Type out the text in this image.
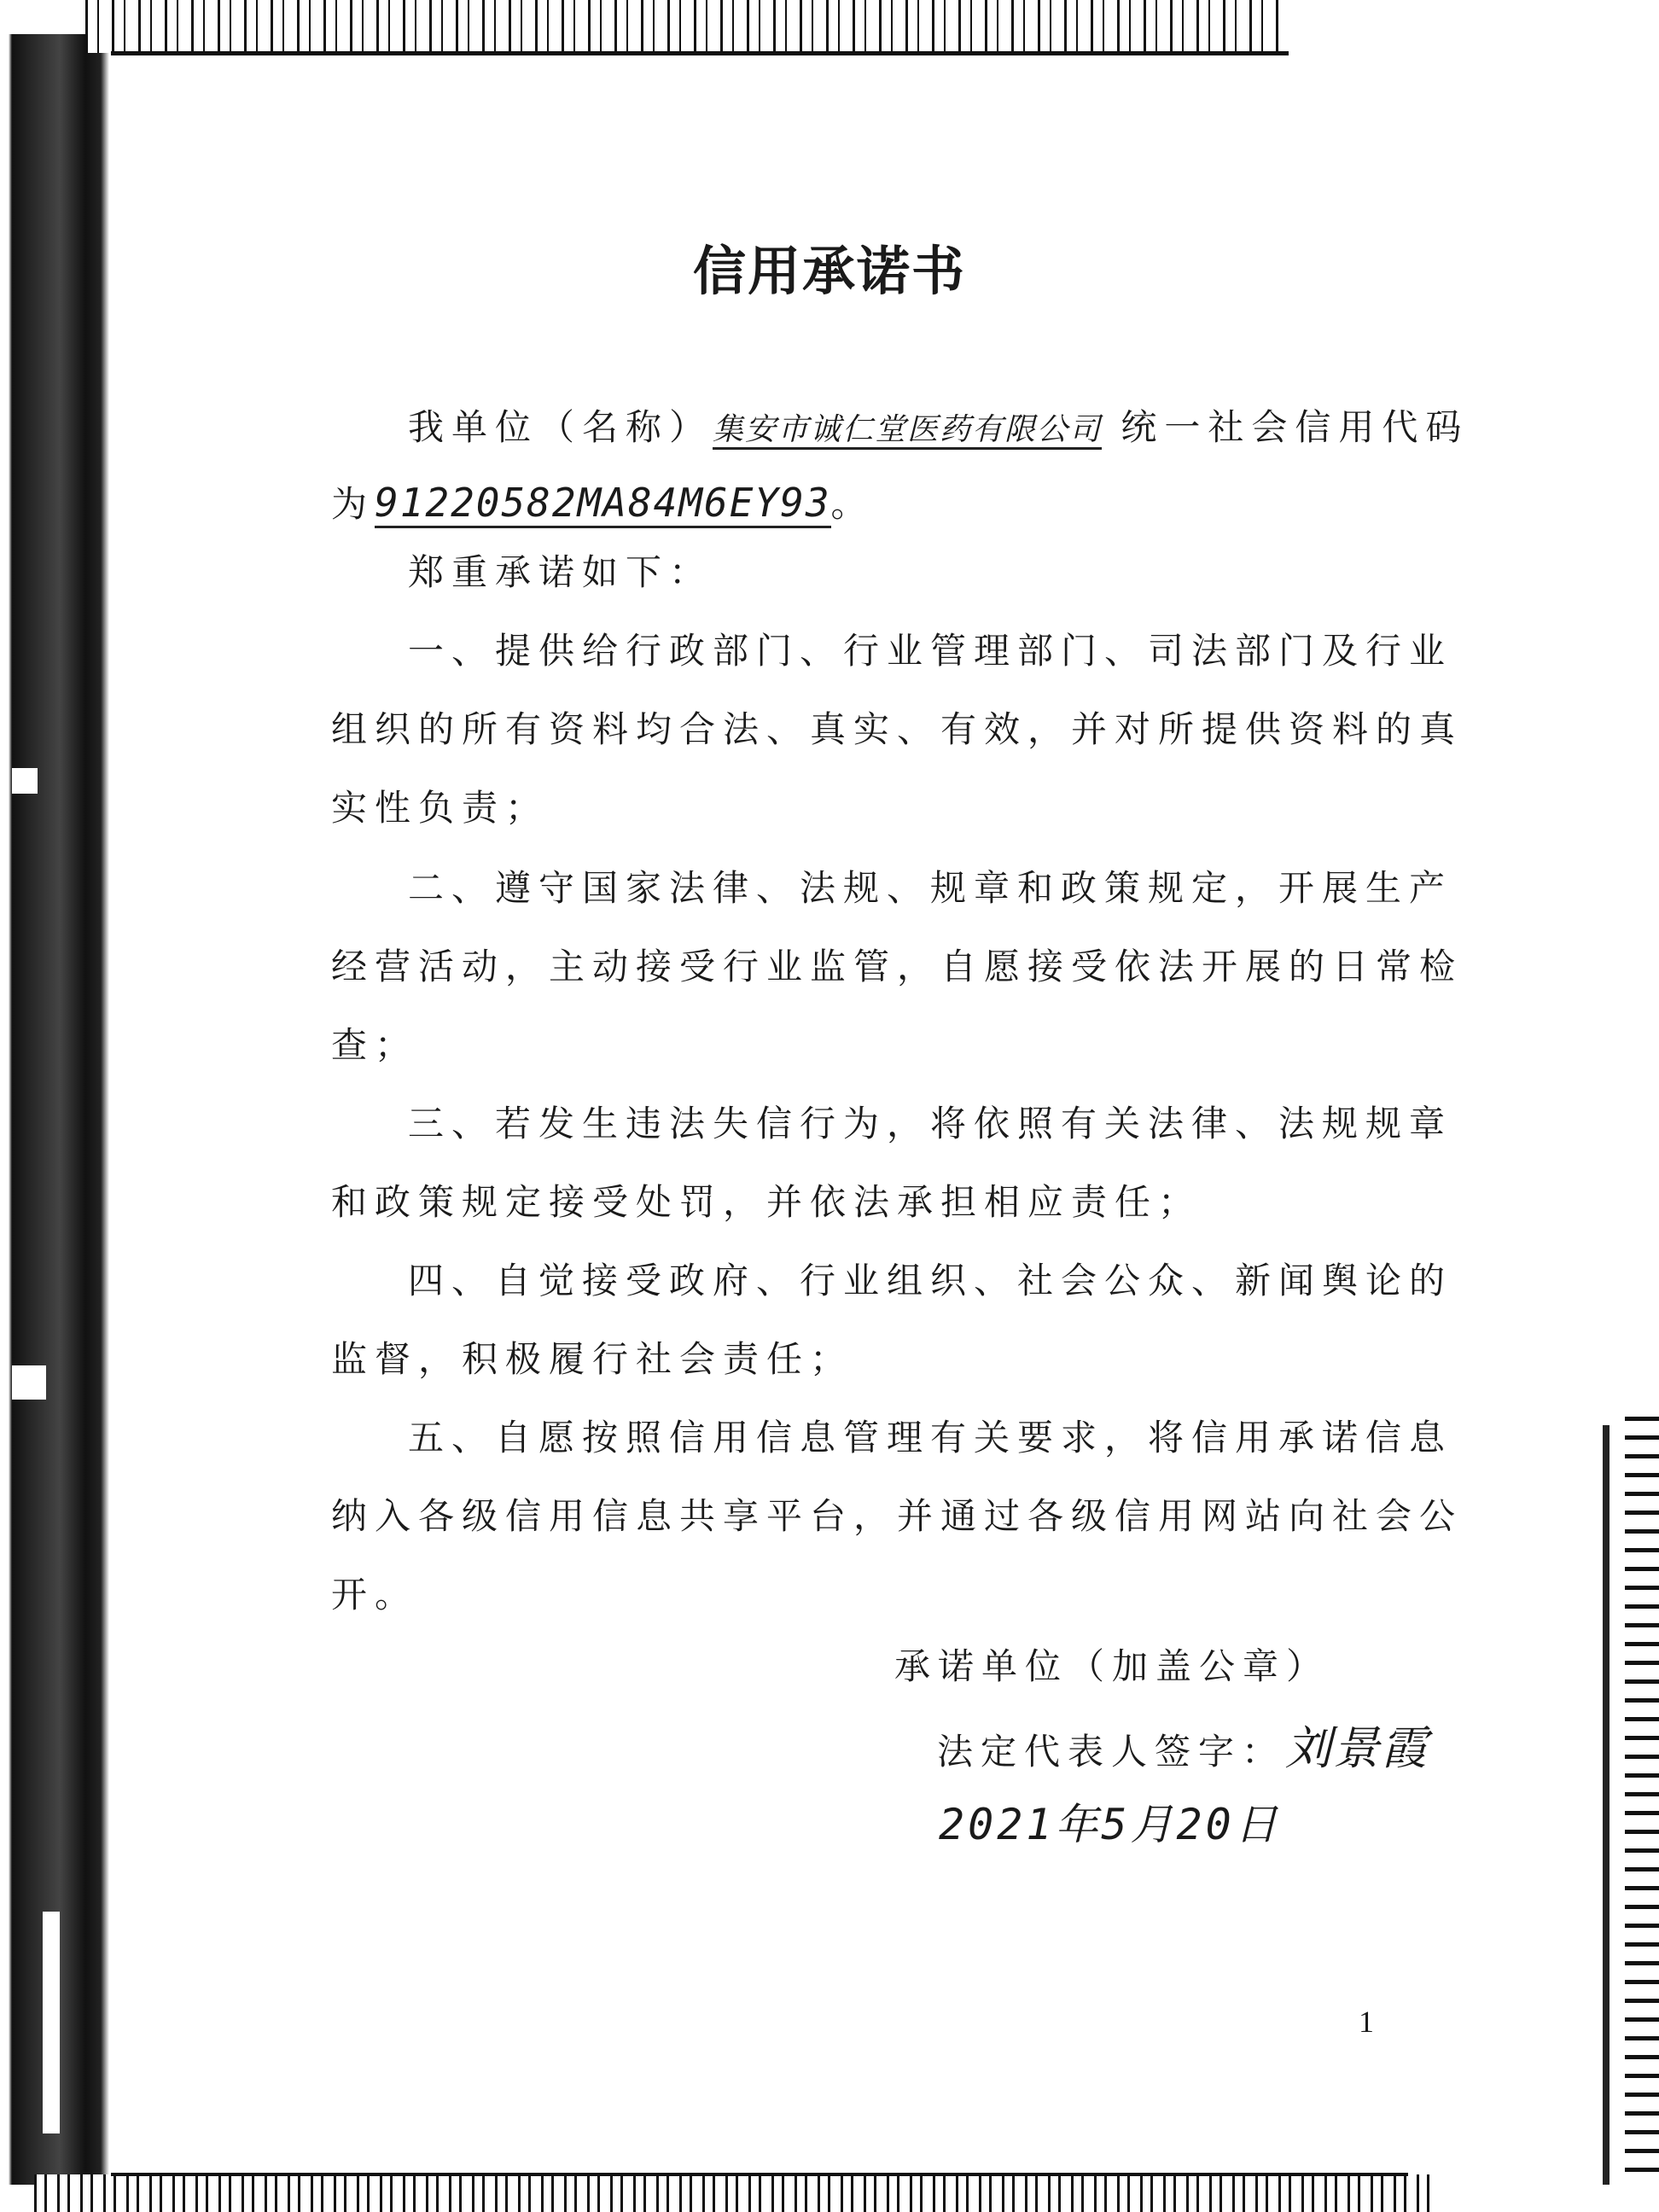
信用承诺书
我单位（名称）集安市诚仁堂医药有限公司 统一社会信用代码
为91220582MA84M6EY93。
郑重承诺如下：
一、提供给行政部门、行业管理部门、司法部门及行业
组织的所有资料均合法、真实、有效，并对所提供资料的真
实性负责；
二、遵守国家法律、法规、规章和政策规定，开展生产
经营活动，主动接受行业监管，自愿接受依法开展的日常检
查；
三、若发生违法失信行为，将依照有关法律、法规规章
和政策规定接受处罚，并依法承担相应责任；
四、自觉接受政府、行业组织、社会公众、新闻舆论的
监督，积极履行社会责任；
五、自愿按照信用信息管理有关要求，将信用承诺信息
纳入各级信用信息共享平台，并通过各级信用网站向社会公
开。
承诺单位（加盖公章）
法定代表人签字：刘景霞
2021年5月20日
1
